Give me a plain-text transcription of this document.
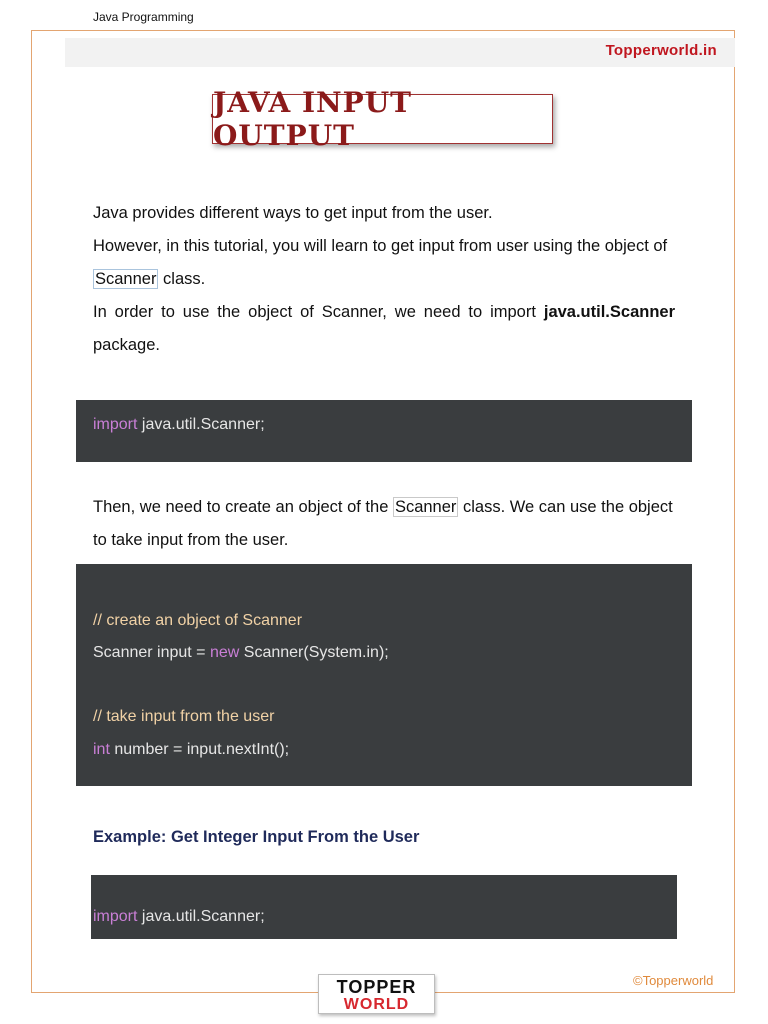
Java Programming
Topperworld.in
JAVA INPUT OUTPUT
Java provides different ways to get input from the user.
However, in this tutorial, you will learn to get input from user using the object of Scanner class.
In order to use the object of Scanner, we need to import java.util.Scanner package.
import java.util.Scanner;
Then, we need to create an object of the Scanner class. We can use the object to take input from the user.
// create an object of Scanner
Scanner input = new Scanner(System.in);
// take input from the user
int number = input.nextInt();
Example: Get Integer Input From the User
import java.util.Scanner;
TOPPER
WORLD
©Topperworld
